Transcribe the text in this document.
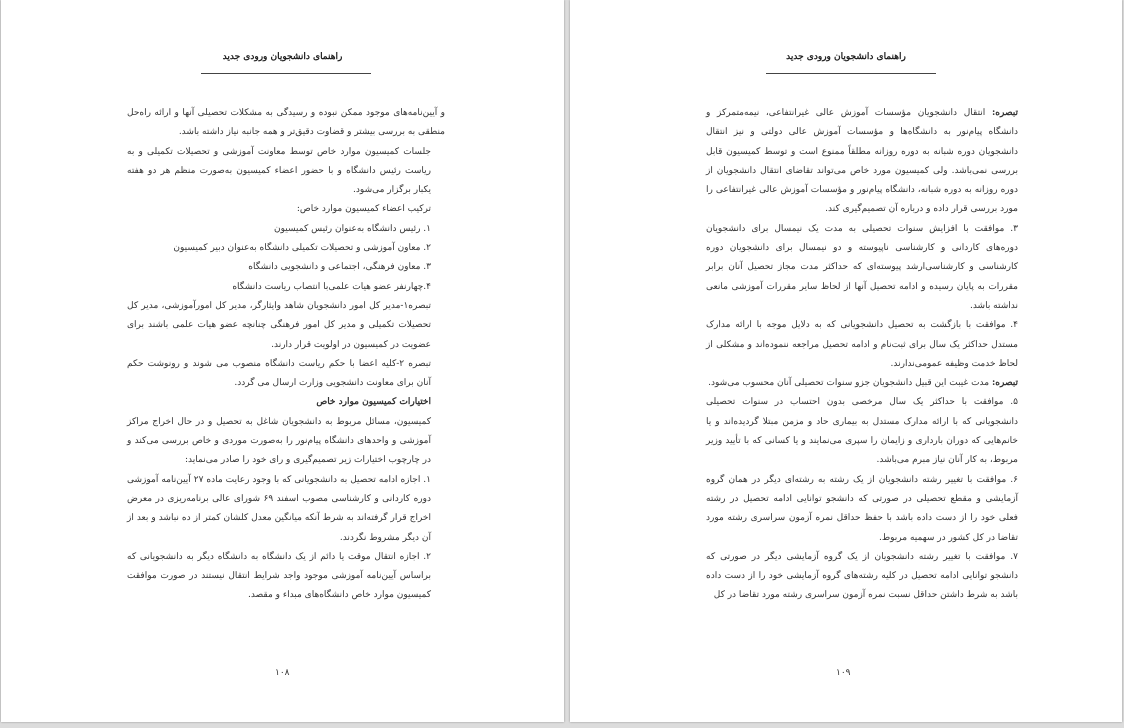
راهنمای دانشجویان ورودی جدید

و آیین‌نامه‌های موجود ممکن نبوده و رسیدگی به مشکلات تحصیلی آنها و ارائه راه‌حل منطقی به بررسی بیشتر و قضاوت دقیق‌تر و همه جانبه نیاز داشته باشد.

جلسات کمیسیون موارد خاص توسط معاونت آموزشی و تحصیلات تکمیلی و به ریاست رئیس دانشگاه و با حضور اعضاء کمیسیون به‌صورت منظم هر دو هفته یکبار برگزار می‌شود.

ترکیب اعضاء کمیسیون موارد خاص:

۱. رئیس دانشگاه به‌عنوان رئیس کمیسیون

۲. معاون آموزشی و تحصیلات تکمیلی دانشگاه به‌عنوان دبیر کمیسیون

۳. معاون فرهنگی، اجتماعی و دانشجویی دانشگاه

۴.چهارنفر عضو هیات علمی‌با انتصاب ریاست دانشگاه

تبصره۱-مدیر کل امور دانشجویان شاهد وایثارگر، مدیر کل امورآموزشی، مدیر کل تحصیلات تکمیلی و مدیر کل امور فرهنگی چنانچه عضو هیات علمی باشند برای عضویت در کمیسیون در اولویت قرار دارند.

تبصره ۲-کلیه اعضا با حکم ریاست دانشگاه منصوب می شوند و رونوشت حکم آنان برای معاونت دانشجویی وزارت ارسال می گردد.

اختیارات کمیسیون موارد خاص

کمیسیون، مسائل مربوط به دانشجویان شاغل به تحصیل و در حال اخراج مراکز آموزشی و واحدهای دانشگاه پیام‌نور را به‌صورت موردی و خاص بررسی می‌کند و در چارچوب اختیارات زیر تصمیم‌گیری و رای خود را صادر می‌نماید:

۱. اجازه ادامه تحصیل به دانشجویانی که با وجود رعایت ماده ۲۷ آیین‌نامه آموزشی دوره کاردانی و کارشناسی مصوب اسفند ۶۹ شورای عالی برنامه‌ریزی در معرض اخراج قرار گرفته‌اند به شرط آنکه میانگین معدل کلشان کمتر از ده نباشد و بعد از آن دیگر مشروط نگردند.

۲. اجازه انتقال موقت یا دائم از یک دانشگاه به دانشگاه دیگر به دانشجویانی که براساس آیین‌نامه آموزشی موجود واجد شرایط انتقال نیستند در صورت موافقت کمیسیون موارد خاص دانشگاه‌های مبداء و مقصد.

۱۰۸
راهنمای دانشجویان ورودی جدید

تبصره: انتقال دانشجویان مؤسسات آموزش عالی غیرانتفاعی، نیمه‌متمرکز و دانشگاه پیام‌نور به دانشگاه‌ها و مؤسسات آموزش عالی دولتی و نیز انتقال دانشجویان دوره شبانه به دوره روزانه مطلقاً ممنوع است و توسط کمیسیون قابل بررسی نمی‌باشد. ولی کمیسیون مورد خاص می‌تواند تقاضای انتقال دانشجویان از دوره روزانه به دوره شبانه، دانشگاه پیام‌نور و مؤسسات آموزش عالی غیرانتفاعی را مورد بررسی قرار داده و درباره آن تصمیم‌گیری کند.

۳. موافقت با افزایش سنوات تحصیلی به مدت یک نیمسال برای دانشجویان دوره‌های کاردانی و کارشناسی ناپیوسته و دو نیمسال برای دانشجویان دوره کارشناسی و کارشناسی‌ارشد پیوسته‌ای که حداکثر مدت مجاز تحصیل آنان برابر مقررات به پایان رسیده و ادامه تحصیل آنها از لحاظ سایر مقررات آموزشی مانعی نداشته باشد.

۴. موافقت با بازگشت به تحصیل دانشجویانی که به دلایل موجه با ارائه مدارک مستدل حداکثر یک سال برای ثبت‌نام و ادامه تحصیل مراجعه ننموده‌اند و مشکلی از لحاظ خدمت وظیفه عمومی‌ندارند.

تبصره: مدت غیبت این قبیل دانشجویان جزو سنوات تحصیلی آنان محسوب می‌شود.

۵. موافقت با حداکثر یک سال مرخصی بدون احتساب در سنوات تحصیلی دانشجویانی که با ارائه مدارک مستدل به بیماری حاد و مزمن مبتلا گردیده‌اند و یا خانم‌هایی که دوران بارداری و زایمان را سپری می‌نمایند و یا کسانی که با تأیید وزیر مربوط، به کار آنان نیاز مبرم می‌باشد.

۶. موافقت با تغییر رشته دانشجویان از یک رشته به رشته‌ای دیگر در همان گروه آزمایشی و مقطع تحصیلی در صورتی که دانشجو توانایی ادامه تحصیل در رشته فعلی خود را از دست داده باشد با حفظ حداقل نمره آزمون سراسری رشته مورد تقاضا در کل کشور در سهمیه مربوط.

۷. موافقت با تغییر رشته دانشجویان از یک گروه آزمایشی دیگر در صورتی که دانشجو توانایی ادامه تحصیل در کلیه رشته‌های گروه آزمایشی خود را از دست داده باشد به شرط داشتن حداقل نسبت نمره آزمون سراسری رشته مورد تقاضا در کل

۱۰۹
